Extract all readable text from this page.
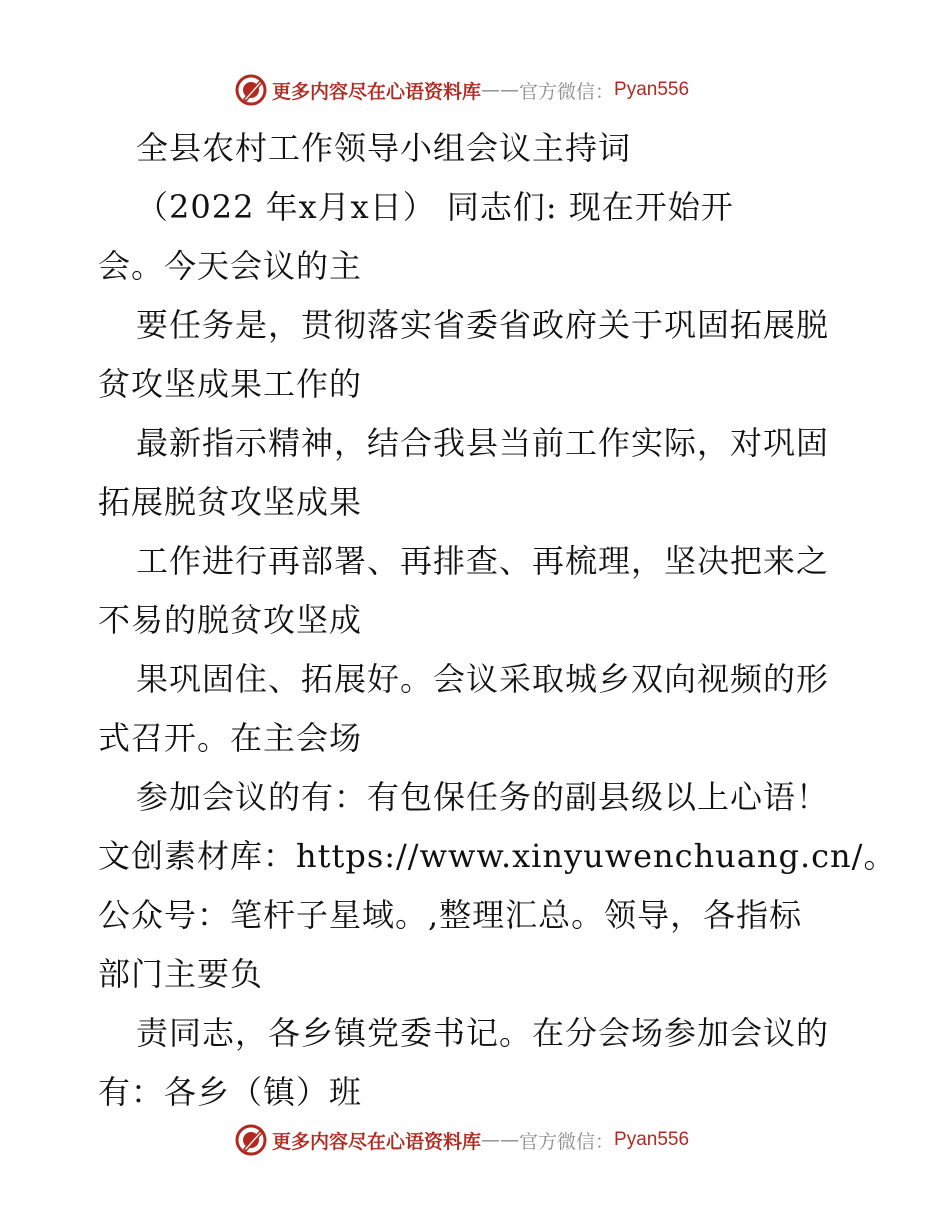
更多内容尽在心语资料库 —— 官方微信： Pyan556
全县农村工作领导小组会议主持词
（2022 年x月x日） 同志们: 现在开始开
会。今天会议的主
要任务是，贯彻落实省委省政府关于巩固拓展脱
贫攻坚成果工作的
最新指示精神，结合我县当前工作实际，对巩固
拓展脱贫攻坚成果
工作进行再部署、再排查、再梳理，坚决把来之
不易的脱贫攻坚成
果巩固住、拓展好。会议采取城乡双向视频的形
式召开。在主会场
参加会议的有：有包保任务的副县级以上心语！
文创素材库：https://www.xinyuwenchuang.cn/。
公众号：笔杆子星域。,整理汇总。领导，各指标
部门主要负
责同志，各乡镇党委书记。在分会场参加会议的
有：各乡（镇）班
更多内容尽在心语资料库 —— 官方微信： Pyan556
